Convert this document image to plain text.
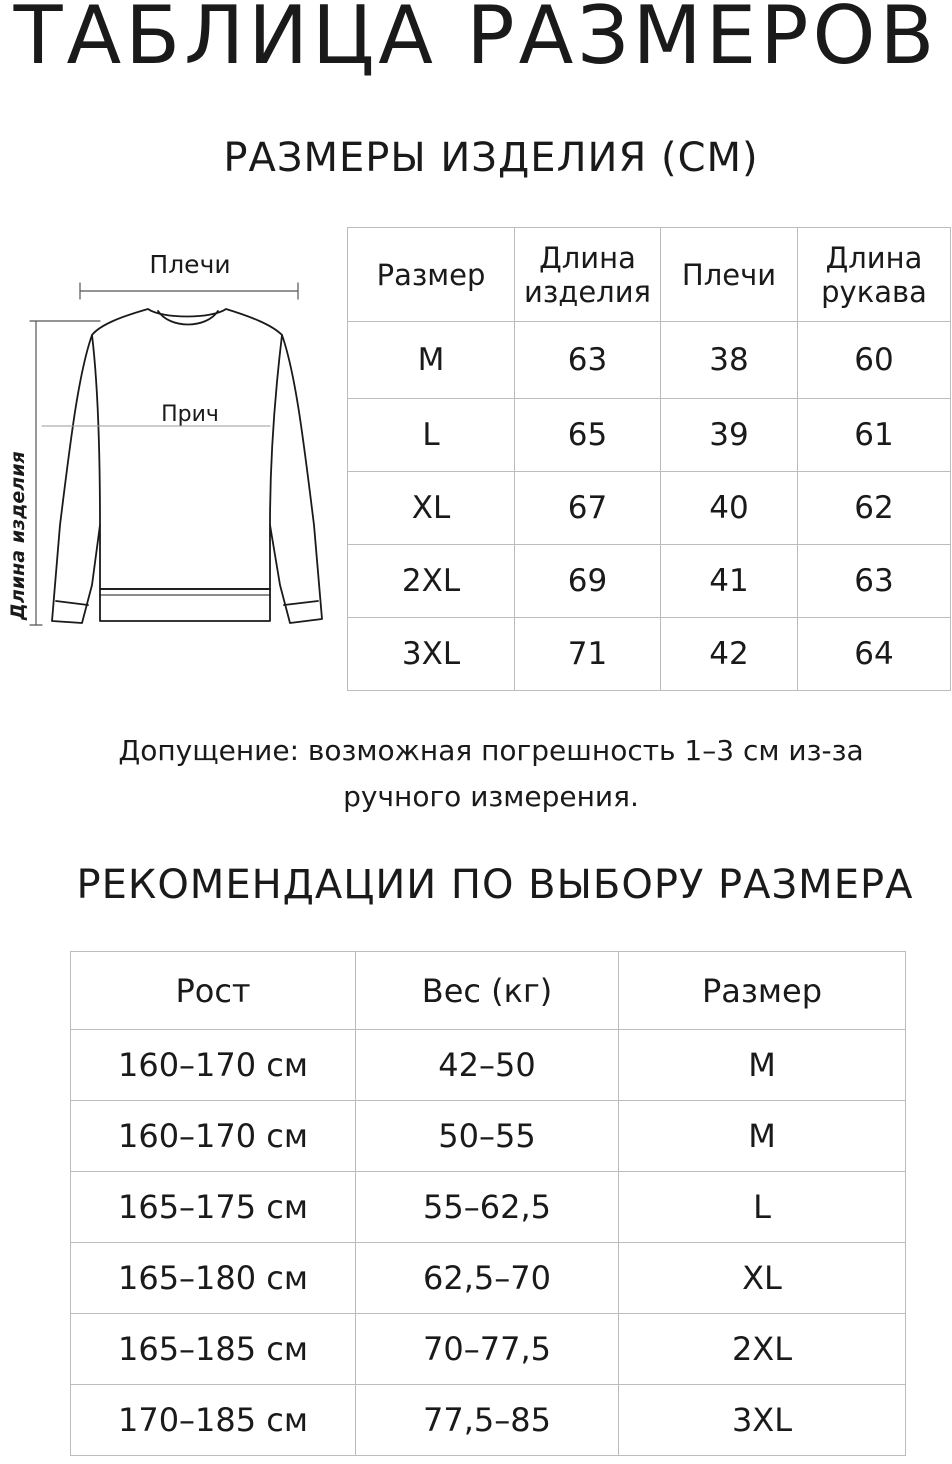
ТАБЛИЦА РАЗМЕРОВ
РАЗМЕРЫ ИЗДЕЛИЯ (СМ)
Плечи
Длина изделия
Прич
Размер	Длина изделия	Плечи	Длина рукава
M	63	38	60
L	65	39	61
XL	67	40	62
2XL	69	41	63
3XL	71	42	64
Допущение: возможная погрешность 1–3 см из-за ручного измерения.
РЕКОМЕНДАЦИИ ПО ВЫБОРУ РАЗМЕРА
Рост	Вес (кг)	Размер
160–170 см	42–50	M
160–170 см	50–55	M
165–175 см	55–62,5	L
165–180 см	62,5–70	XL
165–185 см	70–77,5	2XL
170–185 см	77,5–85	3XL
